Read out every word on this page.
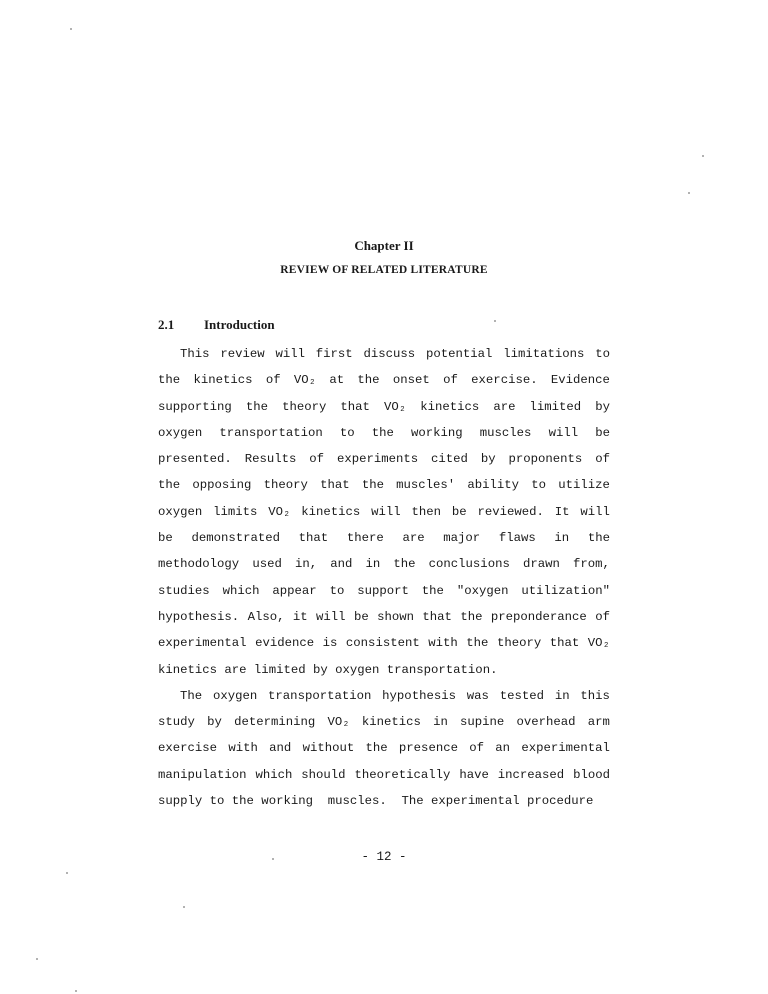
Chapter II
REVIEW OF RELATED LITERATURE
2.1 Introduction
This review will first discuss potential limitations to
the kinetics of VO₂ at the onset of exercise. Evidence
supporting the theory that VO₂ kinetics are limited by
oxygen transportation to the working muscles will be
presented. Results of experiments cited by proponents of
the opposing theory that the muscles' ability to utilize
oxygen limits VO₂ kinetics will then be reviewed. It will
be demonstrated that there are major flaws in the
methodology used in, and in the conclusions drawn from,
studies which appear to support the "oxygen utilization"
hypothesis. Also, it will be shown that the preponderance of
experimental evidence is consistent with the theory that VO₂
kinetics are limited by oxygen transportation.
The oxygen transportation hypothesis was tested in this
study by determining VO₂ kinetics in supine overhead arm
exercise with and without the presence of an experimental
manipulation which should theoretically have increased blood
supply to the working  muscles.  The experimental procedure
- 12 -
